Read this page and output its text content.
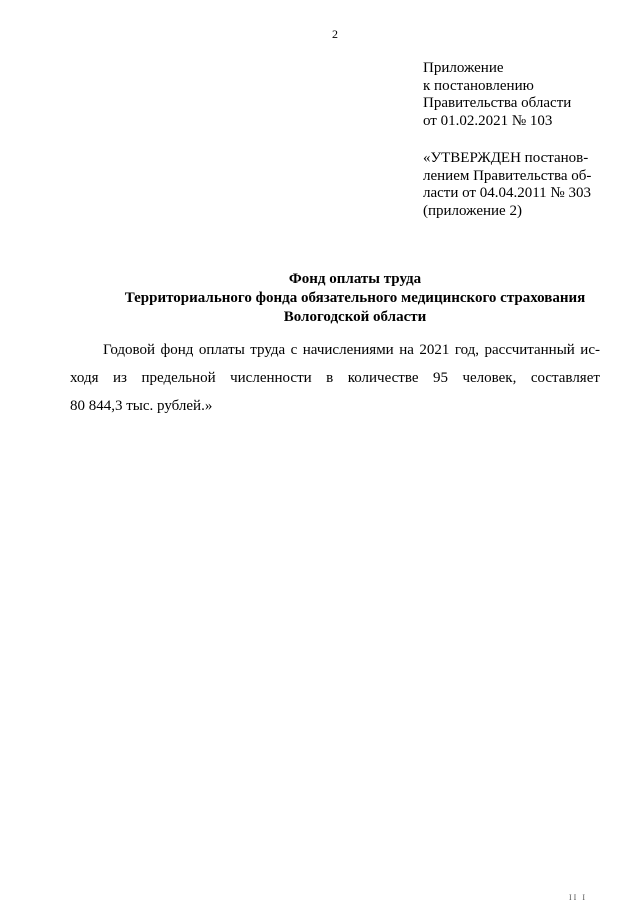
2
Приложение
к постановлению
Правительства области
от 01.02.2021 № 103
«УТВЕРЖДЕН постанов-
лением Правительства об-
ласти от 04.04.2011 № 303
(приложение 2)
Фонд оплаты труда
Территориального фонда обязательного медицинского страхования
Вологодской области
Годовой фонд оплаты труда с начислениями на 2021 год, рассчитанный ис-
ходя из предельной численности в количестве 95 человек, составляет
80 844,3 тыс. рублей.»
II I
